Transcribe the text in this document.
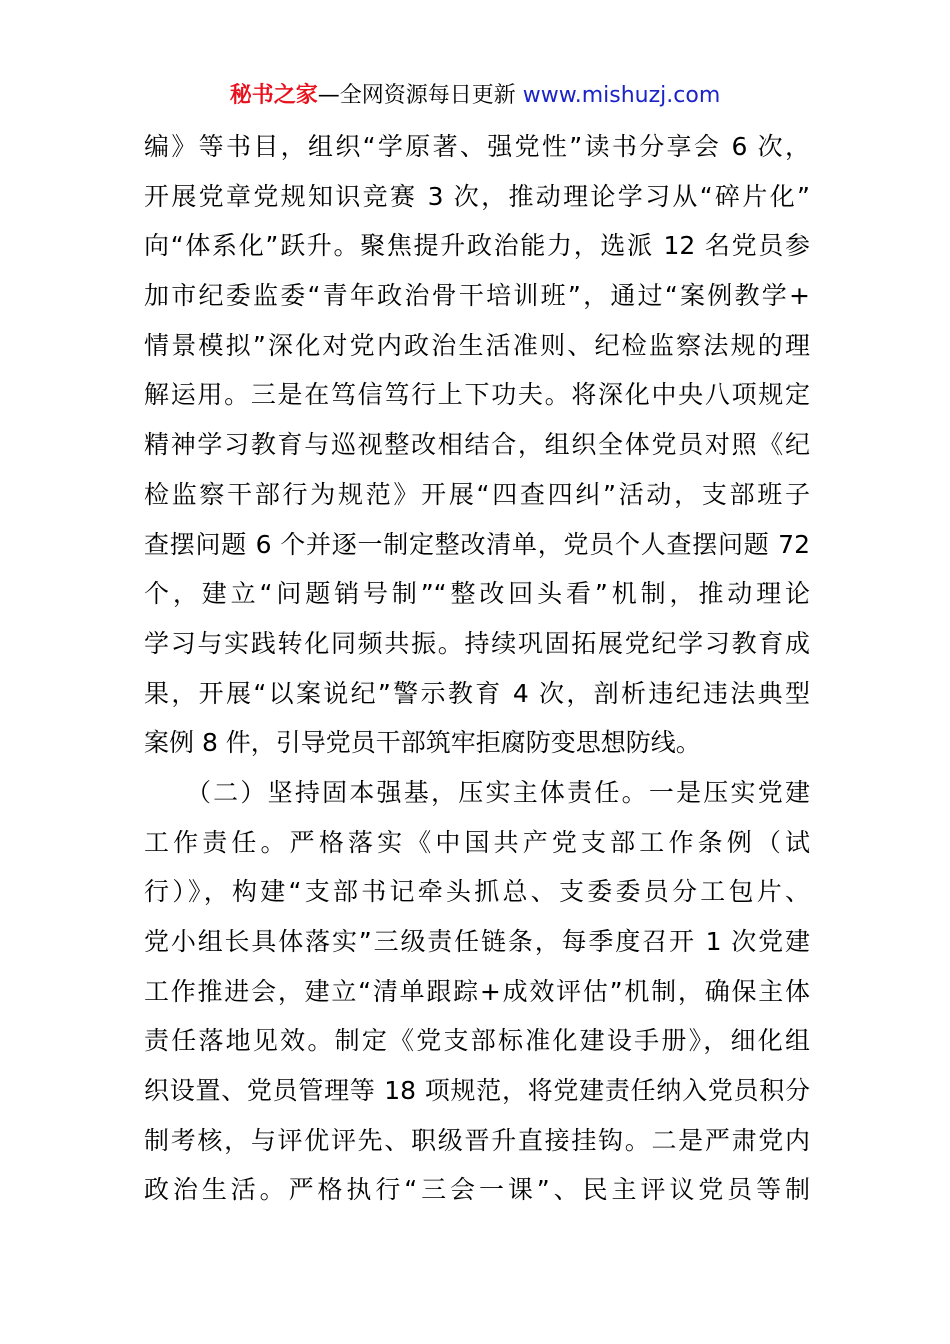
秘书之家—全网资源每日更新 www.mishuzj.com
编》等书目，组织“学原著、强党性”读书分享会 6 次，
开展党章党规知识竞赛 3 次，推动理论学习从“碎片化”
向“体系化”跃升。聚焦提升政治能力，选派 12 名党员参
加市纪委监委“青年政治骨干培训班”，通过“案例教学+
情景模拟”深化对党内政治生活准则、纪检监察法规的理
解运用。三是在笃信笃行上下功夫。将深化中央八项规定
精神学习教育与巡视整改相结合，组织全体党员对照《纪
检监察干部行为规范》开展“四查四纠”活动，支部班子
查摆问题 6 个并逐一制定整改清单，党员个人查摆问题 72
个，建立“问题销号制”“整改回头看”机制，推动理论
学习与实践转化同频共振。持续巩固拓展党纪学习教育成
果，开展“以案说纪”警示教育 4 次，剖析违纪违法典型
案例 8 件，引导党员干部筑牢拒腐防变思想防线。
　　（二）坚持固本强基，压实主体责任。一是压实党建
工作责任。严格落实《中国共产党支部工作条例（试
行）》，构建“支部书记牵头抓总、支委委员分工包片、
党小组长具体落实”三级责任链条，每季度召开 1 次党建
工作推进会，建立“清单跟踪+成效评估”机制，确保主体
责任落地见效。制定《党支部标准化建设手册》，细化组
织设置、党员管理等 18 项规范，将党建责任纳入党员积分
制考核，与评优评先、职级晋升直接挂钩。二是严肃党内
政治生活。严格执行“三会一课”、民主评议党员等制
